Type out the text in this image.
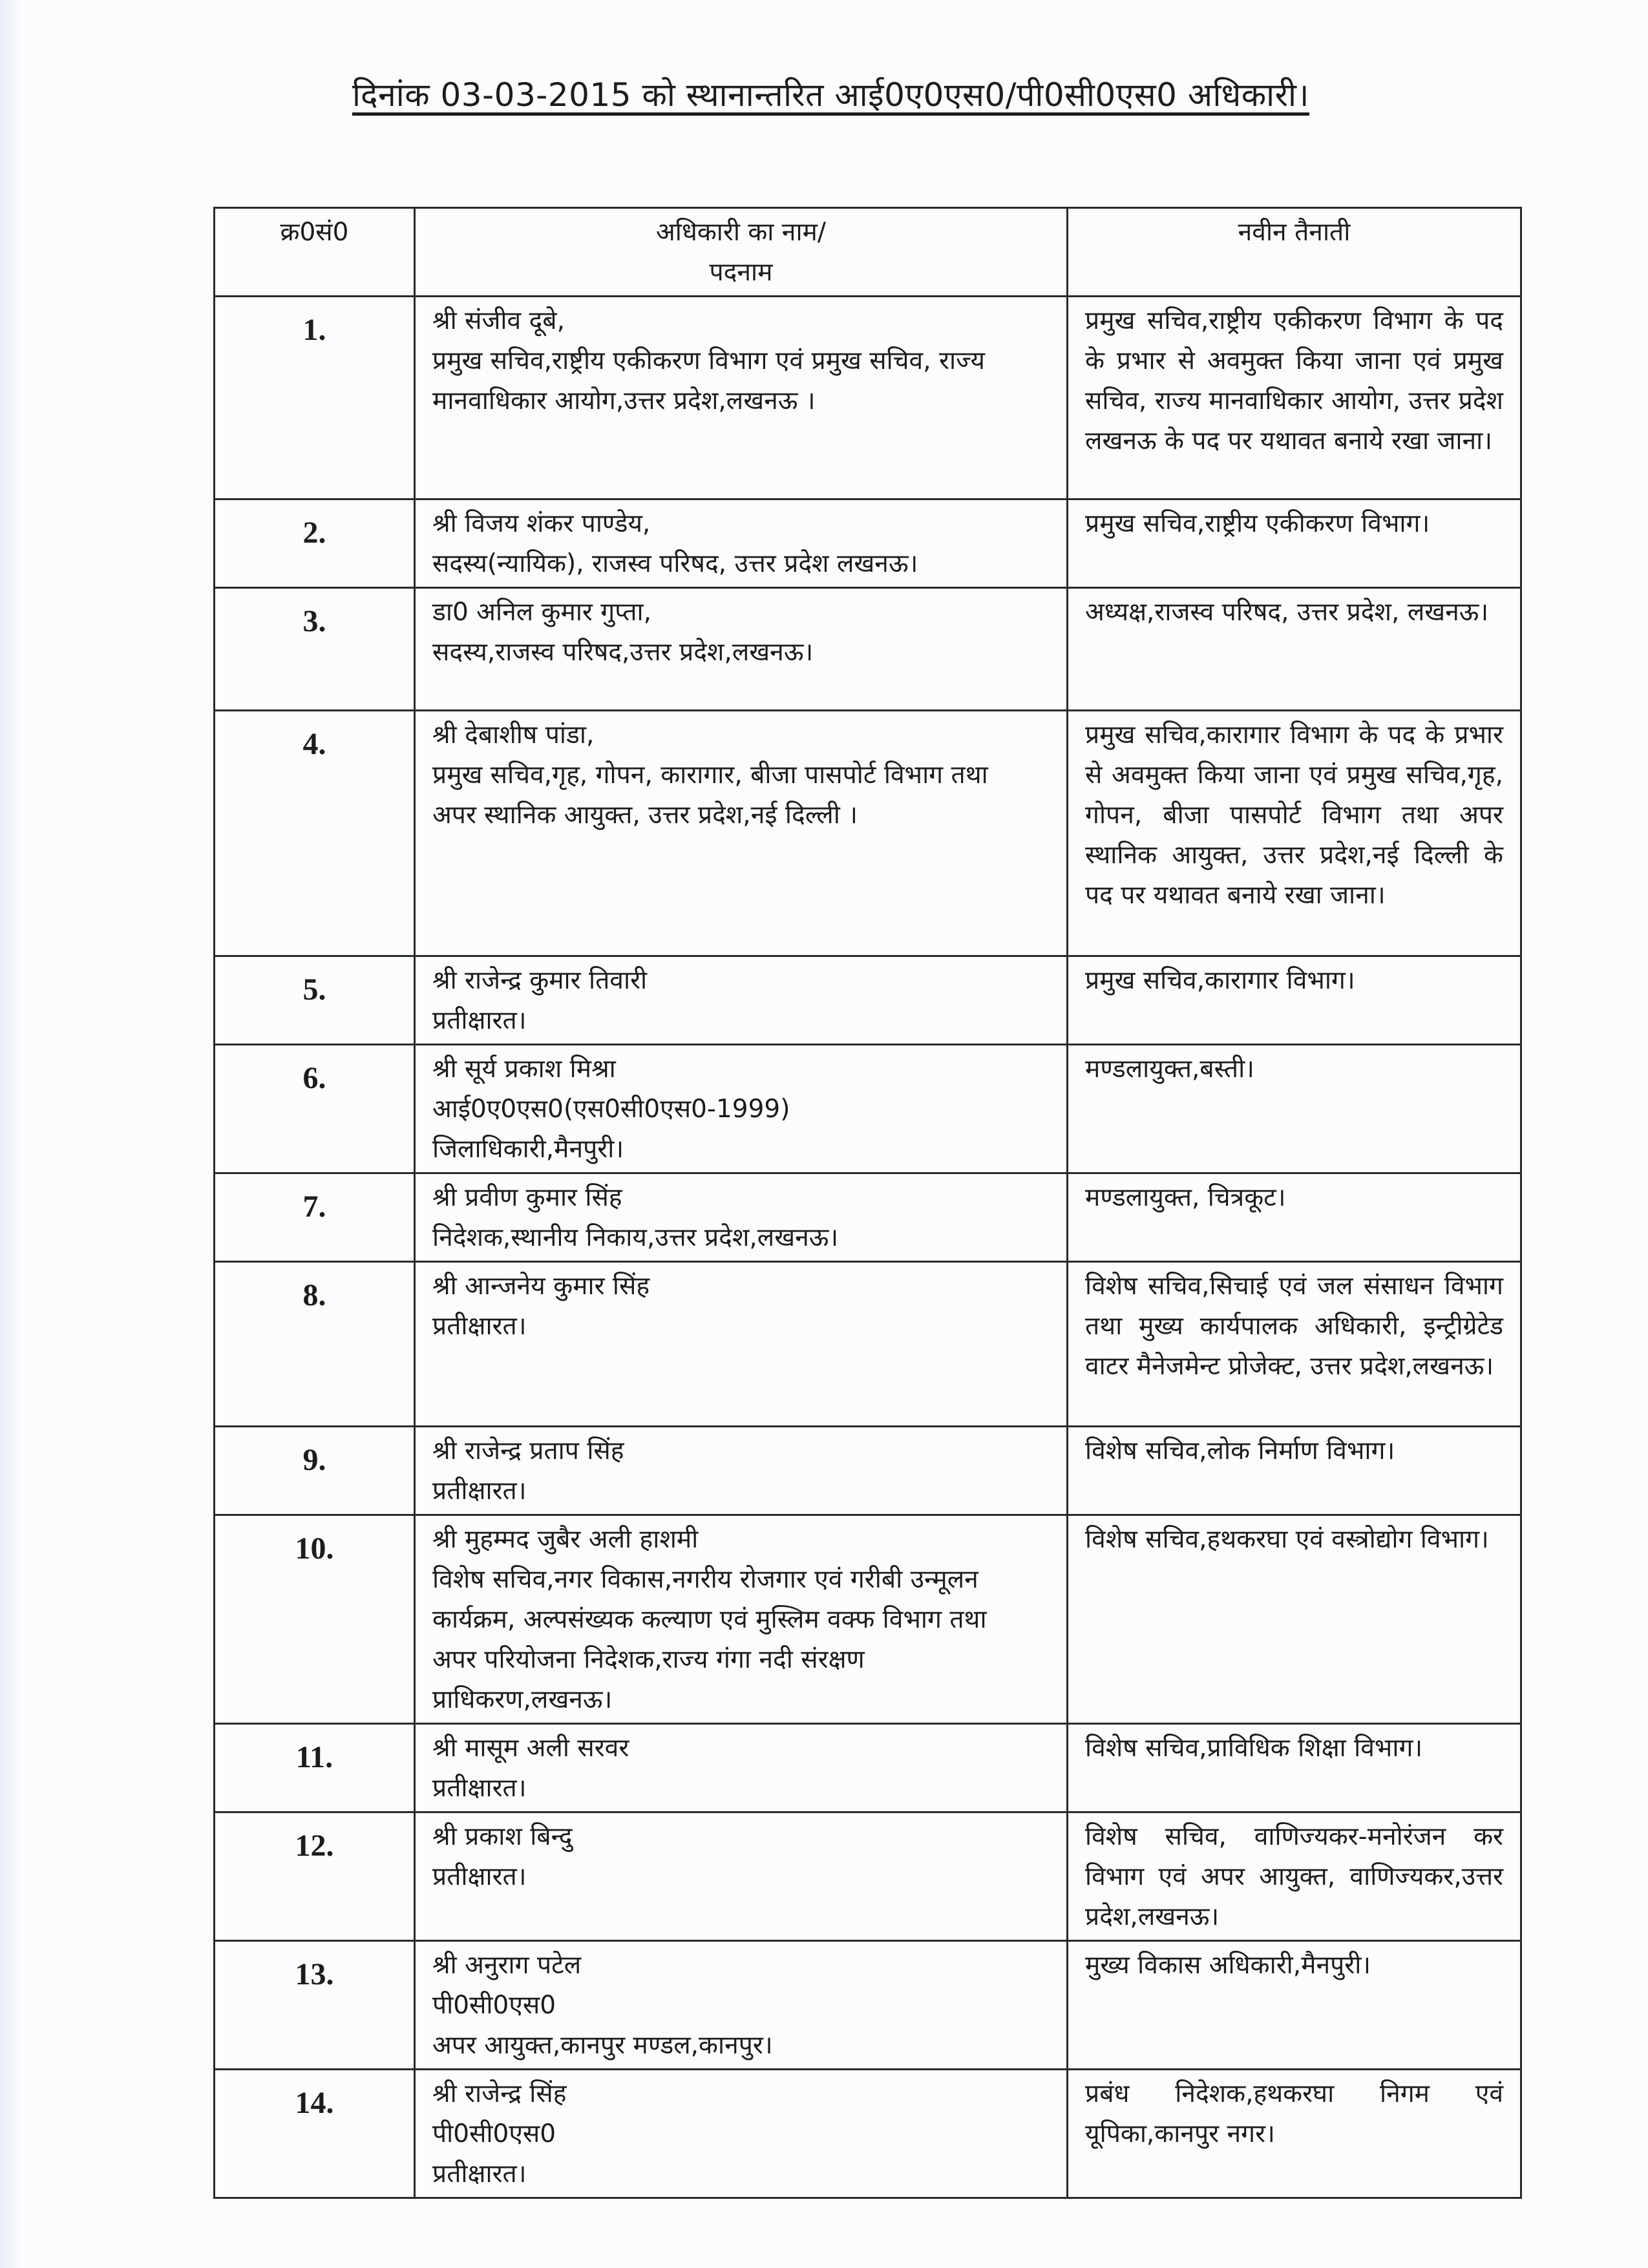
दिनांक 03-03-2015 को स्थानान्तरित आई0ए0एस0/पी0सी0एस0 अधिकारी।
क्र0सं0	अधिकारी का नाम/
पदनाम	नवीन तैनाती
1.	श्री संजीव दूबे,
प्रमुख सचिव,राष्ट्रीय एकीकरण विभाग एवं प्रमुख सचिव, राज्य
मानवाधिकार आयोग,उत्तर प्रदेश,लखनऊ ।	प्रमुख सचिव,राष्ट्रीय एकीकरण विभाग के पद के प्रभार से अवमुक्त किया जाना एवं प्रमुख सचिव, राज्य मानवाधिकार आयोग, उत्तर प्रदेश लखनऊ के पद पर यथावत बनाये रखा जाना।

2.	श्री विजय शंकर पाण्डेय,
सदस्य(न्यायिक), राजस्व परिषद, उत्तर प्रदेश लखनऊ।	प्रमुख सचिव,राष्ट्रीय एकीकरण विभाग।

3.	डा0 अनिल कुमार गुप्ता,
सदस्य,राजस्व परिषद,उत्तर प्रदेश,लखनऊ।	अध्यक्ष,राजस्व परिषद, उत्तर प्रदेश, लखनऊ।

4.	श्री देबाशीष पांडा,
प्रमुख सचिव,गृह, गोपन, कारागार, बीजा पासपोर्ट विभाग तथा
अपर स्थानिक आयुक्त, उत्तर प्रदेश,नई दिल्ली ।	प्रमुख सचिव,कारागार विभाग के पद के प्रभार से अवमुक्त किया जाना एवं प्रमुख सचिव,गृह, गोपन, बीजा पासपोर्ट विभाग तथा अपर स्थानिक आयुक्त, उत्तर प्रदेश,नई दिल्ली के पद पर यथावत बनाये रखा जाना।

5.	श्री राजेन्द्र कुमार तिवारी
प्रतीक्षारत।	प्रमुख सचिव,कारागार विभाग।

6.	श्री सूर्य प्रकाश मिश्रा
आई0ए0एस0(एस0सी0एस0-1999)
जिलाधिकारी,मैनपुरी।	मण्डलायुक्त,बस्ती।

7.	श्री प्रवीण कुमार सिंह
निदेशक,स्थानीय निकाय,उत्तर प्रदेश,लखनऊ।	मण्डलायुक्त, चित्रकूट।

8.	श्री आन्जनेय कुमार सिंह
प्रतीक्षारत।	विशेष सचिव,सिचाई एवं जल संसाधन विभाग तथा मुख्य कार्यपालक अधिकारी, इन्ट्रीग्रेटेड वाटर मैनेजमेन्ट प्रोजेक्ट, उत्तर प्रदेश,लखनऊ।

9.	श्री राजेन्द्र प्रताप सिंह
प्रतीक्षारत।	विशेष सचिव,लोक निर्माण विभाग।

10.	श्री मुहम्मद जुबैर अली हाशमी
विशेष सचिव,नगर विकास,नगरीय रोजगार एवं गरीबी उन्मूलन
कार्यक्रम, अल्पसंख्यक कल्याण एवं मुस्लिम वक्फ विभाग तथा
अपर परियोजना निदेशक,राज्य गंगा नदी संरक्षण
प्राधिकरण,लखनऊ।	विशेष सचिव,हथकरघा एवं वस्त्रोद्योग विभाग।

11.	श्री मासूम अली सरवर
प्रतीक्षारत।	विशेष सचिव,प्राविधिक शिक्षा विभाग।

12.	श्री प्रकाश बिन्दु
प्रतीक्षारत।	विशेष सचिव, वाणिज्यकर-मनोरंजन कर विभाग एवं अपर आयुक्त, वाणिज्यकर,उत्तर प्रदेश,लखनऊ।

13.	श्री अनुराग पटेल
पी0सी0एस0
अपर आयुक्त,कानपुर मण्डल,कानपुर।	मुख्य विकास अधिकारी,मैनपुरी।

14.	श्री राजेन्द्र सिंह
पी0सी0एस0
प्रतीक्षारत।	प्रबंध निदेशक,हथकरघा निगम एवं यूपिका,कानपुर नगर।
